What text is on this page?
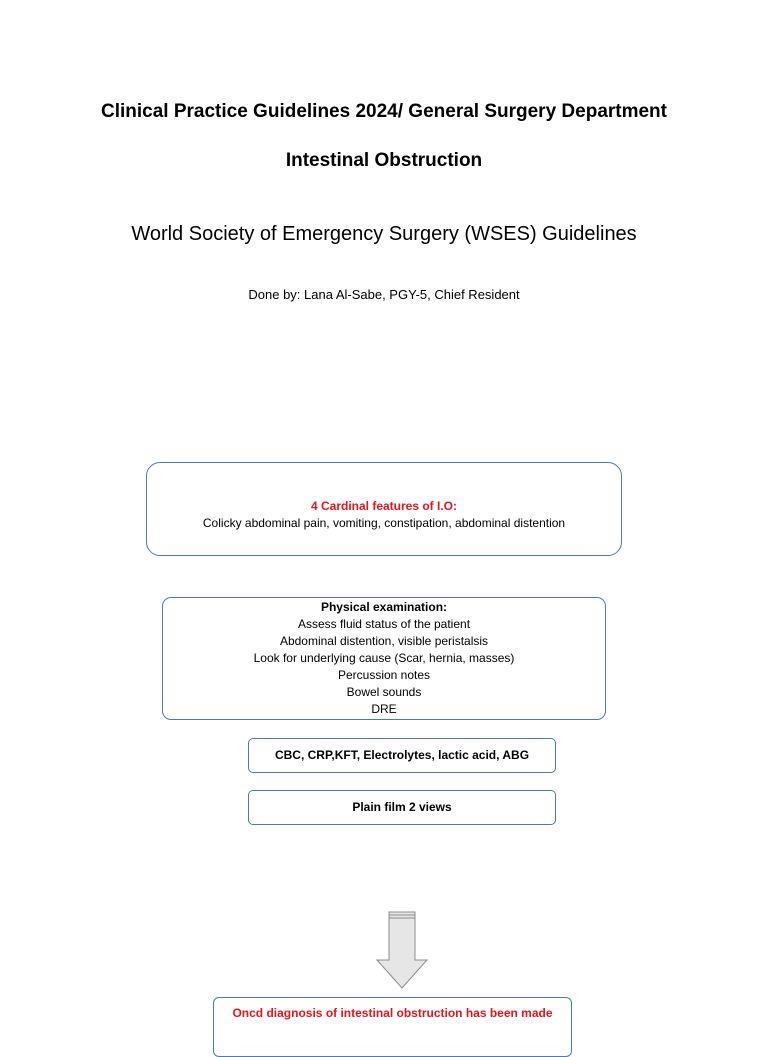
Clinical Practice Guidelines 2024/ General Surgery Department
Intestinal Obstruction
World Society of Emergency Surgery (WSES) Guidelines
Done by: Lana Al-Sabe, PGY-5, Chief Resident
4 Cardinal features of I.O:
Colicky abdominal pain, vomiting, constipation, abdominal distention
Physical examination:
Assess fluid status of the patient
Abdominal distention, visible peristalsis
Look for underlying cause (Scar, hernia, masses)
Percussion notes
Bowel sounds
DRE
CBC, CRP,KFT, Electrolytes, lactic acid, ABG
Plain film 2 views
Oncd diagnosis of intestinal obstruction has been made
